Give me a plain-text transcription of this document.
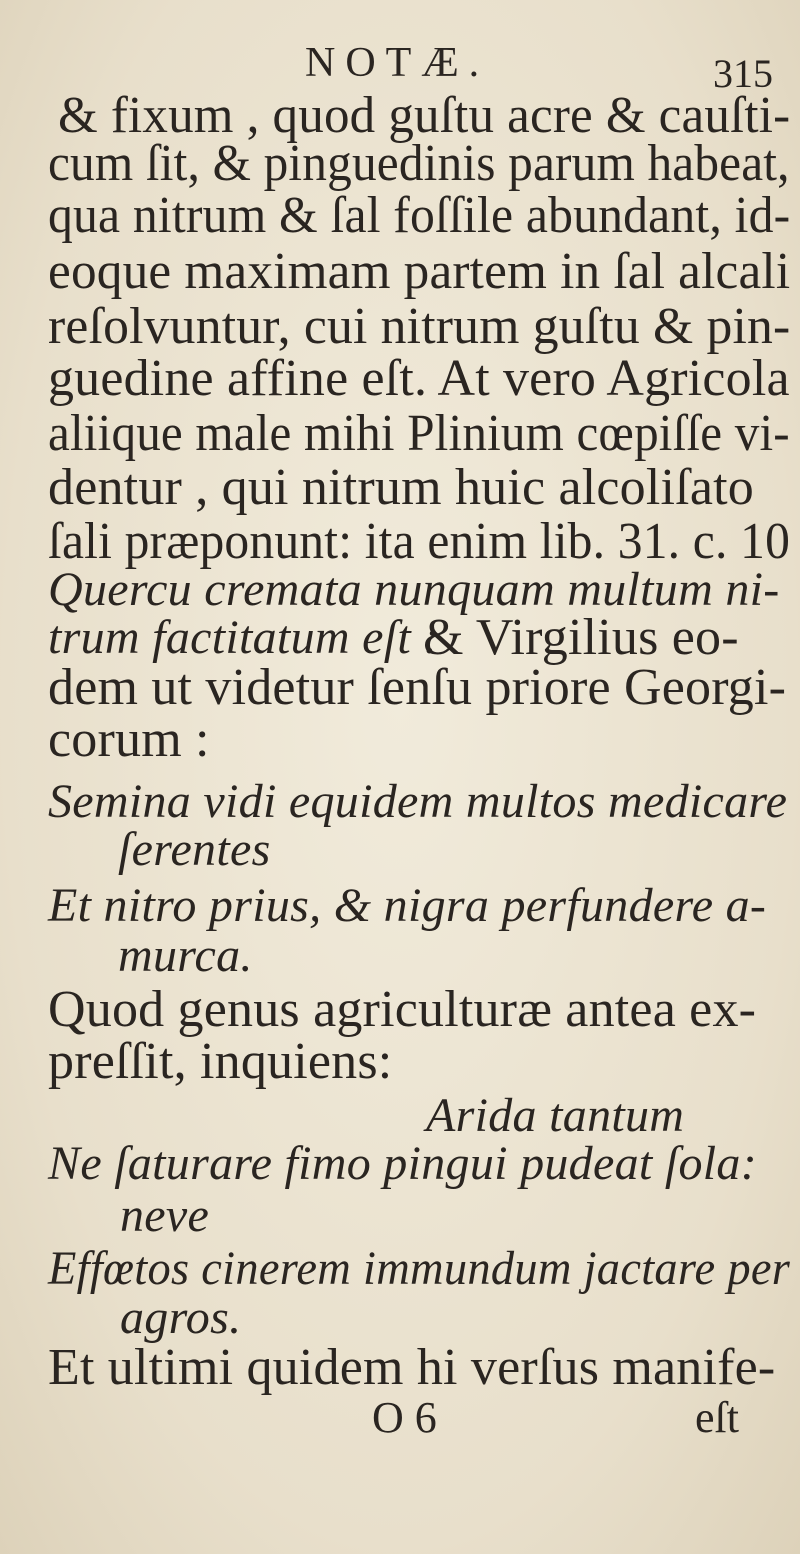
NOTÆ.	315
& fixum , quod guſtu acre & cauſti-
cum ſit, & pinguedinis parum habeat,
qua nitrum & ſal foſſile abundant, id-
eoque maximam partem in ſal alcali
reſolvuntur, cui nitrum guſtu & pin-
guedine affine eſt. At vero Agricola
aliique male mihi Plinium cœpiſſe vi-
dentur , qui nitrum huic alcoliſato
ſali præponunt: ita enim lib. 31. c. 10
Quercu cremata nunquam multum ni-
trum factitatum eſt :
& Virgilius eo-
dem ut videtur ſenſu priore Georgi-
corum :
Semina vidi equidem multos medicare
ſerentes
Et nitro prius, & nigra perfundere a-
murca.
Quod genus agriculturæ antea ex-
preſſit, inquiens:
Arida tantum
Ne ſaturare fimo pingui pudeat ſola:
neve
Effœtos cinerem immundum jactare per
agros.
Et ultimi quidem hi verſus manife-
O 6	eſt
